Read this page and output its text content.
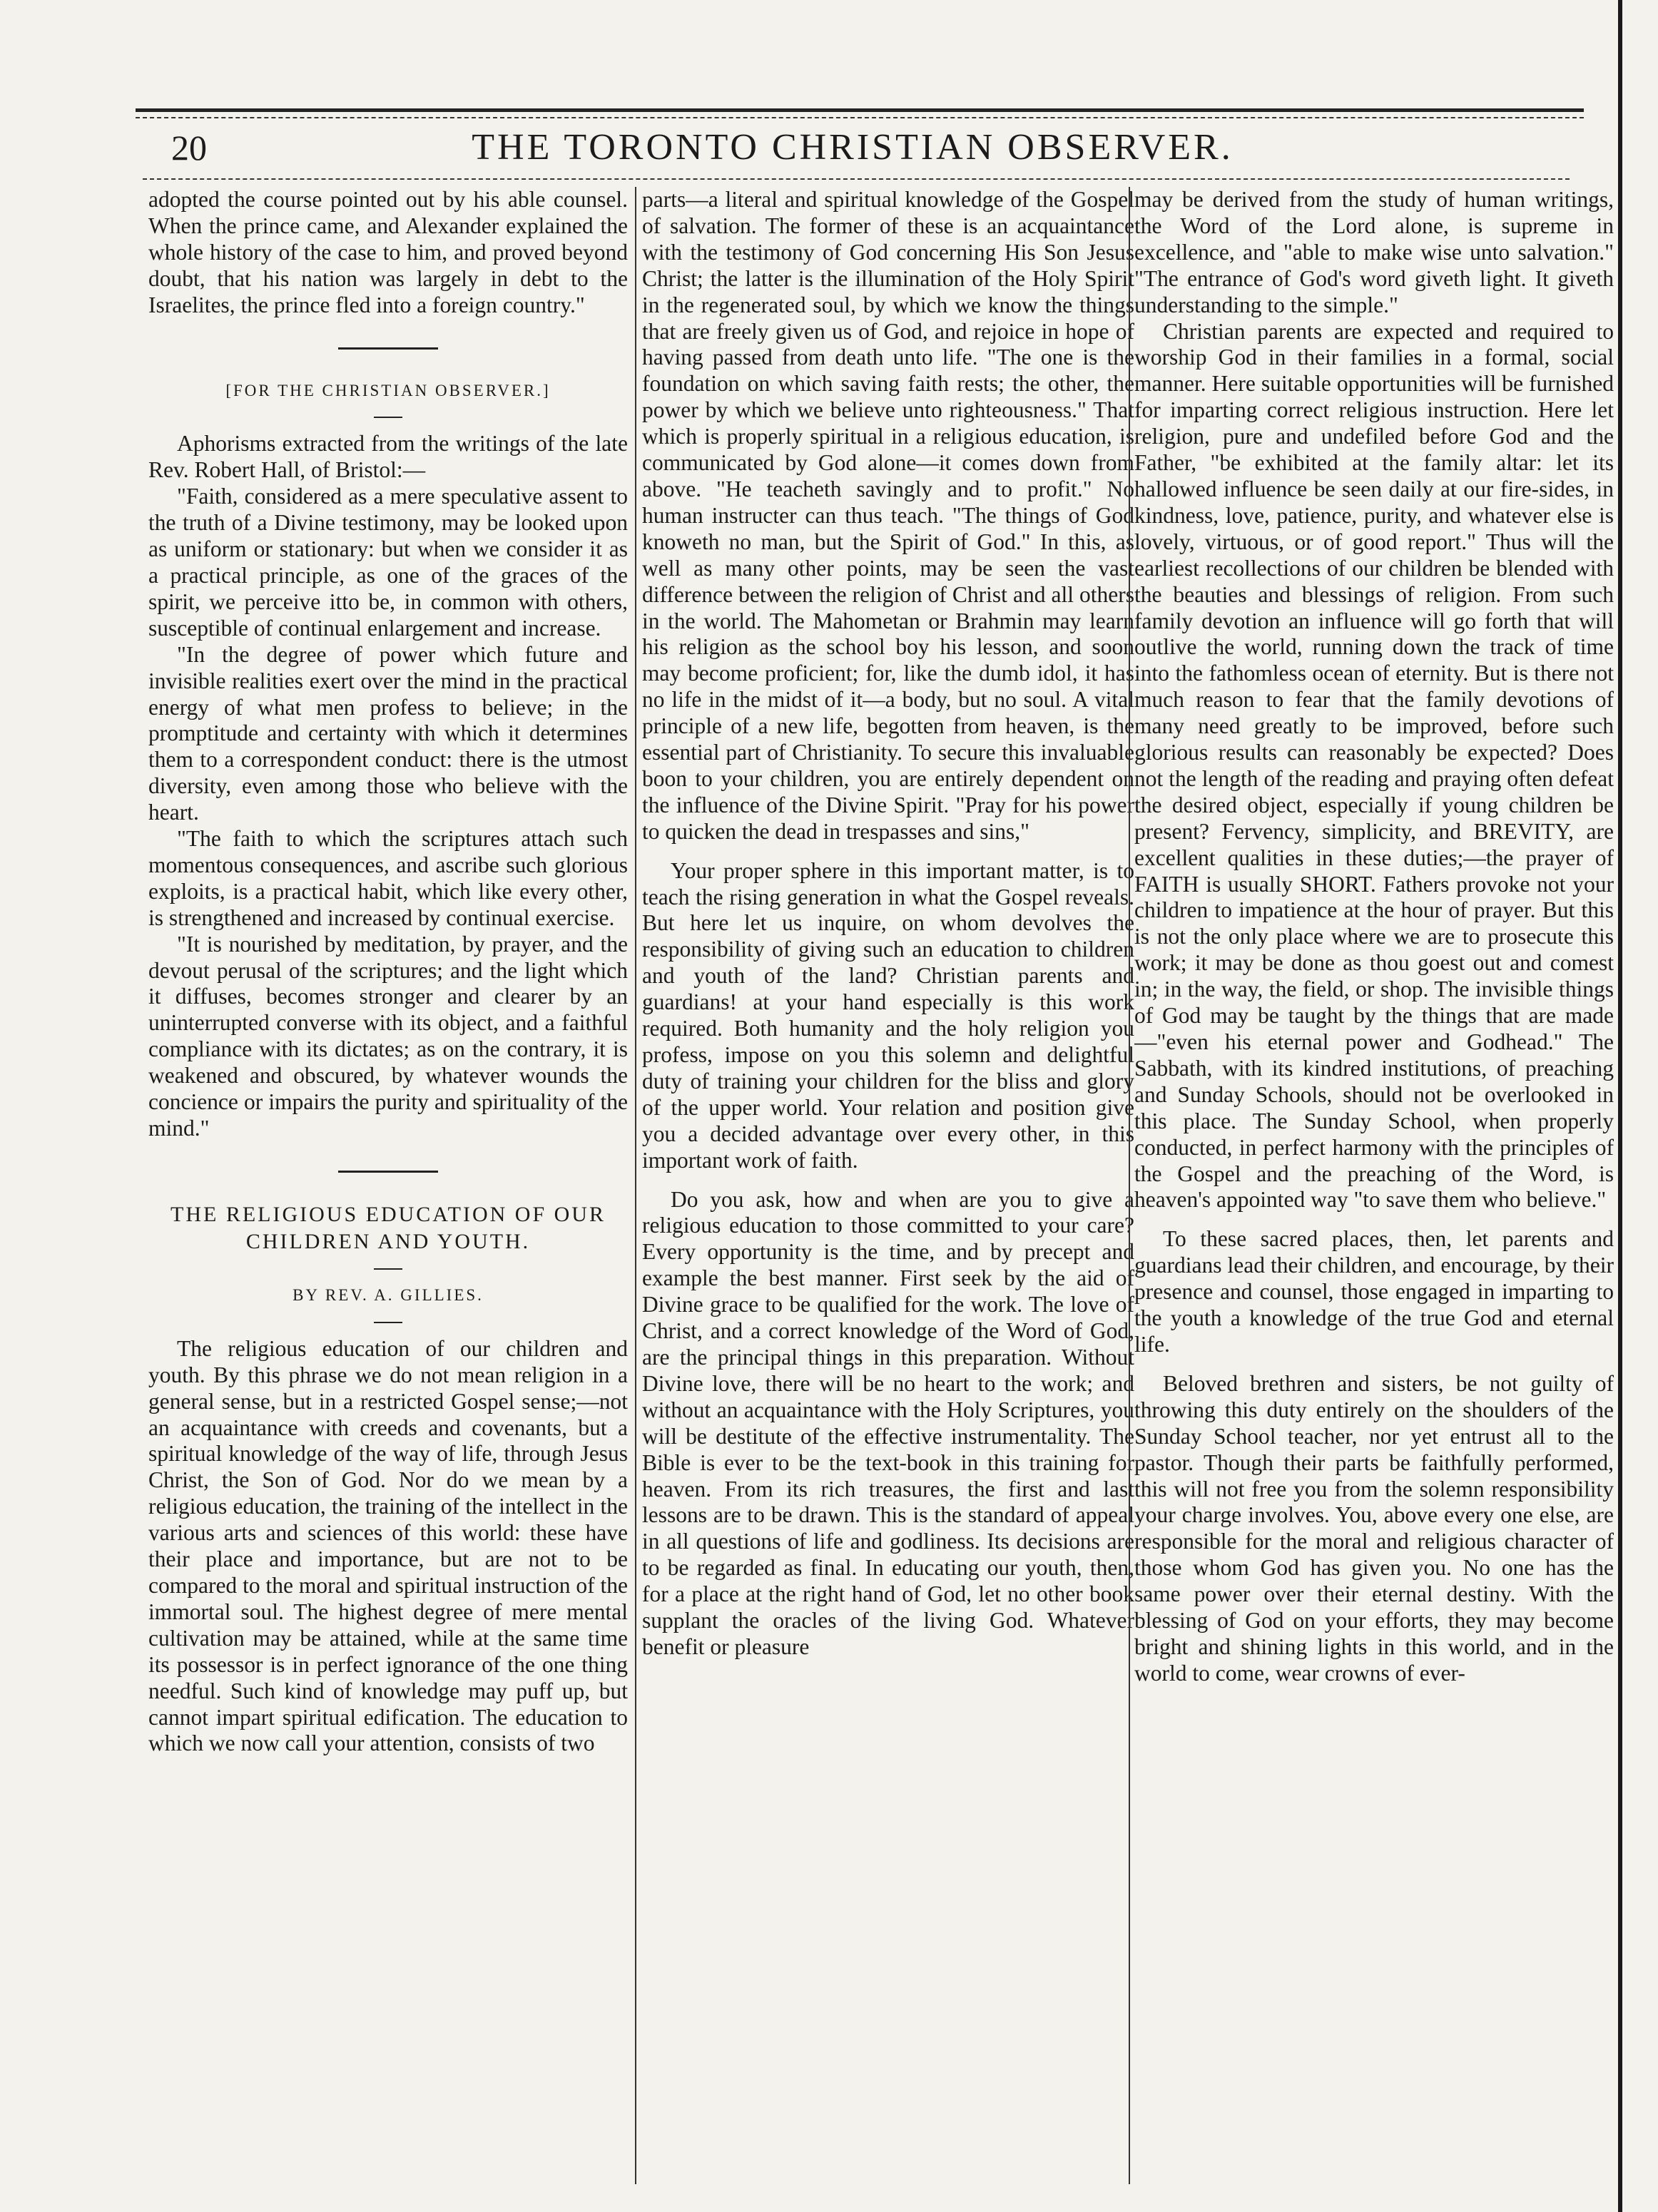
20	THE TORONTO CHRISTIAN OBSERVER.

adopted the course pointed out by his able counsel. When the prince came, and Alexander explained the whole history of the case to him, and proved beyond doubt, that his nation was largely in debt to the Israelites, the prince fled into a foreign country."

[FOR THE CHRISTIAN OBSERVER.]

Aphorisms extracted from the writings of the late Rev. Robert Hall, of Bristol:—

"Faith, considered as a mere speculative assent to the truth of a Divine testimony, may be looked upon as uniform or stationary: but when we consider it as a practical principle, as one of the graces of the spirit, we perceive itto be, in common with others, susceptible of continual enlargement and increase.

"In the degree of power which future and invisible realities exert over the mind in the practical energy of what men profess to believe; in the promptitude and certainty with which it determines them to a correspondent conduct: there is the utmost diversity, even among those who believe with the heart.

"The faith to which the scriptures attach such momentous consequences, and ascribe such glorious exploits, is a practical habit, which like every other, is strengthened and increased by continual exercise.

"It is nourished by meditation, by prayer, and the devout perusal of the scriptures; and the light which it diffuses, becomes stronger and clearer by an uninterrupted converse with its object, and a faithful compliance with its dictates; as on the contrary, it is weakened and obscured, by whatever wounds the concience or impairs the purity and spirituality of the mind."

THE RELIGIOUS EDUCATION OF OUR

CHILDREN AND YOUTH.

BY REV. A. GILLIES.

The religious education of our children and youth. By this phrase we do not mean religion in a general sense, but in a restricted Gospel sense;—not an acquaintance with creeds and covenants, but a spiritual knowledge of the way of life, through Jesus Christ, the Son of God. Nor do we mean by a religious education, the training of the intellect in the various arts and sciences of this world: these have their place and importance, but are not to be compared to the moral and spiritual instruction of the immortal soul. The highest degree of mere mental cultivation may be attained, while at the same time its possessor is in perfect ignorance of the one thing needful. Such kind of knowledge may puff up, but cannot impart spiritual edification. The education to which we now call your attention, consists of two

parts—a literal and spiritual knowledge of the Gospel of salvation. The former of these is an acquaintance with the testimony of God concerning His Son Jesus Christ; the latter is the illumination of the Holy Spirit in the regenerated soul, by which we know the things that are freely given us of God, and rejoice in hope of having passed from death unto life. "The one is the foundation on which saving faith rests; the other, the power by which we believe unto righteousness." That which is properly spiritual in a religious education, is communicated by God alone—it comes down from above. "He teacheth savingly and to profit." No human instructer can thus teach. "The things of God knoweth no man, but the Spirit of God." In this, as well as many other points, may be seen the vast difference between the religion of Christ and all others in the world. The Mahometan or Brahmin may learn his religion as the school boy his lesson, and soon may become proficient; for, like the dumb idol, it has no life in the midst of it—a body, but no soul. A vital principle of a new life, begotten from heaven, is the essential part of Christianity. To secure this invaluable boon to your children, you are entirely dependent on the influence of the Divine Spirit. "Pray for his power to quicken the dead in trespasses and sins,"

Your proper sphere in this important matter, is to teach the rising generation in what the Gospel reveals. But here let us inquire, on whom devolves the responsibility of giving such an education to children and youth of the land? Christian parents and guardians! at your hand especially is this work required. Both humanity and the holy religion you profess, impose on you this solemn and delightful duty of training your children for the bliss and glory of the upper world. Your relation and position give you a decided advantage over every other, in this important work of faith.

Do you ask, how and when are you to give a religious education to those committed to your care? Every opportunity is the time, and by precept and example the best manner. First seek by the aid of Divine grace to be qualified for the work. The love of Christ, and a correct knowledge of the Word of God, are the principal things in this preparation. Without Divine love, there will be no heart to the work; and without an acquaintance with the Holy Scriptures, you will be destitute of the effective instrumentality. The Bible is ever to be the text-book in this training for heaven. From its rich treasures, the first and last lessons are to be drawn. This is the standard of appeal in all questions of life and godliness. Its decisions are to be regarded as final. In educating our youth, then, for a place at the right hand of God, let no other book supplant the oracles of the living God. Whatever benefit or pleasure

may be derived from the study of human writings, the Word of the Lord alone, is supreme in excellence, and "able to make wise unto salvation." "The entrance of God's word giveth light. It giveth understanding to the simple."

Christian parents are expected and required to worship God in their families in a formal, social manner. Here suitable opportunities will be furnished for imparting correct religious instruction. Here let religion, pure and undefiled before God and the Father, "be exhibited at the family altar: let its hallowed influence be seen daily at our fire-sides, in kindness, love, patience, purity, and whatever else is lovely, virtuous, or of good report." Thus will the earliest recollections of our children be blended with the beauties and blessings of religion. From such family devotion an influence will go forth that will outlive the world, running down the track of time into the fathomless ocean of eternity. But is there not much reason to fear that the family devotions of many need greatly to be improved, before such glorious results can reasonably be expected? Does not the length of the reading and praying often defeat the desired object, especially if young children be present? Fervency, simplicity, and BREVITY, are excellent qualities in these duties;—the prayer of FAITH is usually SHORT. Fathers provoke not your children to impatience at the hour of prayer. But this is not the only place where we are to prosecute this work; it may be done as thou goest out and comest in; in the way, the field, or shop. The invisible things of God may be taught by the things that are made—"even his eternal power and Godhead." The Sabbath, with its kindred institutions, of preaching and Sunday Schools, should not be overlooked in this place. The Sunday School, when properly conducted, in perfect harmony with the principles of the Gospel and the preaching of the Word, is heaven's appointed way "to save them who believe."

To these sacred places, then, let parents and guardians lead their children, and encourage, by their presence and counsel, those engaged in imparting to the youth a knowledge of the true God and eternal life.

Beloved brethren and sisters, be not guilty of throwing this duty entirely on the shoulders of the Sunday School teacher, nor yet entrust all to the pastor. Though their parts be faithfully performed, this will not free you from the solemn responsibility your charge involves. You, above every one else, are responsible for the moral and religious character of those whom God has given you. No one has the same power over their eternal destiny. With the blessing of God on your efforts, they may become bright and shining lights in this world, and in the world to come, wear crowns of ever-
